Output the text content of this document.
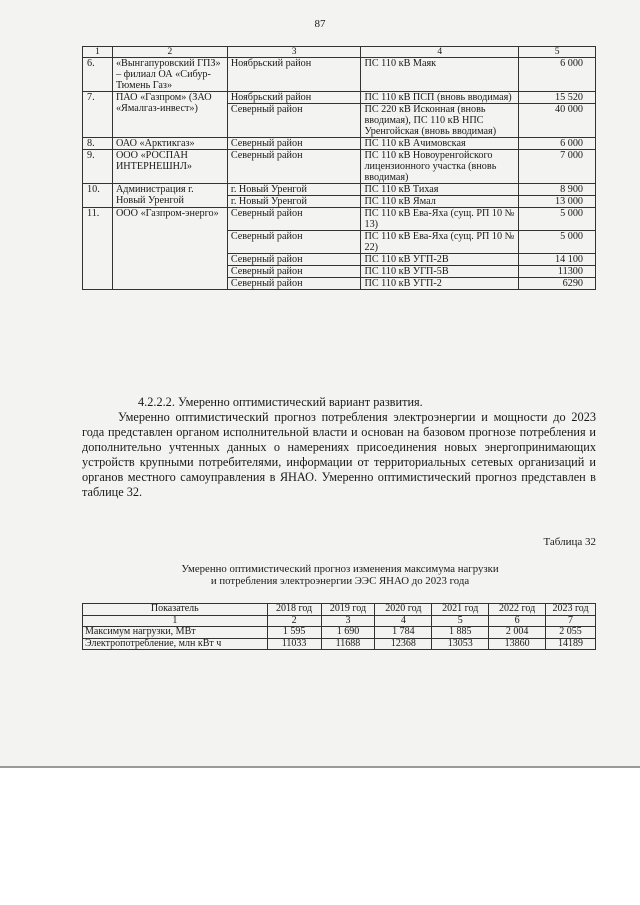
87
1	2	3	4	5
6.	«Вынгапуровский ГПЗ» – филиал ОА «Сибур-Тюмень Газ»	Ноябрьский район	ПС 110 кВ Маяк	6 000
7.	ПАО «Газпром» (ЗАО «Ямалгаз-инвест»)	Ноябрьский район	ПС 110 кВ ПСП (вновь вводимая)	15 520
		Северный район	ПС 220 кВ Исконная (вновь вводимая), ПС 110 кВ НПС Уренгойская (вновь вводимая)	40 000
8.	ОАО «Арктикгаз»	Северный район	ПС 110 кВ Ачимовская	6 000
9.	ООО «РОСПАН ИНТЕРНЕШНЛ»	Северный район	ПС 110 кВ Новоуренгойского лицензионного участка (вновь вводимая)	7 000
10.	Администрация г. Новый Уренгой	г. Новый Уренгой	ПС 110 кВ Тихая	8 900
		г. Новый Уренгой	ПС 110 кВ Ямал	13 000
11.	ООО «Газпром-энерго»	Северный район	ПС 110 кВ Ева-Яха (сущ. РП 10 № 13)	5 000
		Северный район	ПС 110 кВ Ева-Яха (сущ. РП 10 № 22)	5 000
		Северный район	ПС 110 кВ УГП-2В	14 100
		Северный район	ПС 110 кВ УГП-5В	11300
		Северный район	ПС 110 кВ УГП-2	6290
4.2.2.2. Умеренно оптимистический вариант развития.
Умеренно оптимистический прогноз потребления электроэнергии и мощности до 2023 года представлен органом исполнительной власти и основан на базовом прогнозе потребления и дополнительно учтенных данных о намерениях присоединения новых энергопринимающих устройств крупными потребителями, информации от территориальных сетевых организаций и органов местного самоуправления в ЯНАО. Умеренно оптимистический прогноз представлен в таблице 32.
Таблица 32
Умеренно оптимистический прогноз изменения максимума нагрузки
и потребления электроэнергии ЭЭС ЯНАО до 2023 года
Показатель	2018 год	2019 год	2020 год	2021 год	2022 год	2023 год
1	2	3	4	5	6	7
Максимум нагрузки, МВт	1 595	1 690	1 784	1 885	2 004	2 055
Электропотребление, млн кВт ч	11033	11688	12368	13053	13860	14189
